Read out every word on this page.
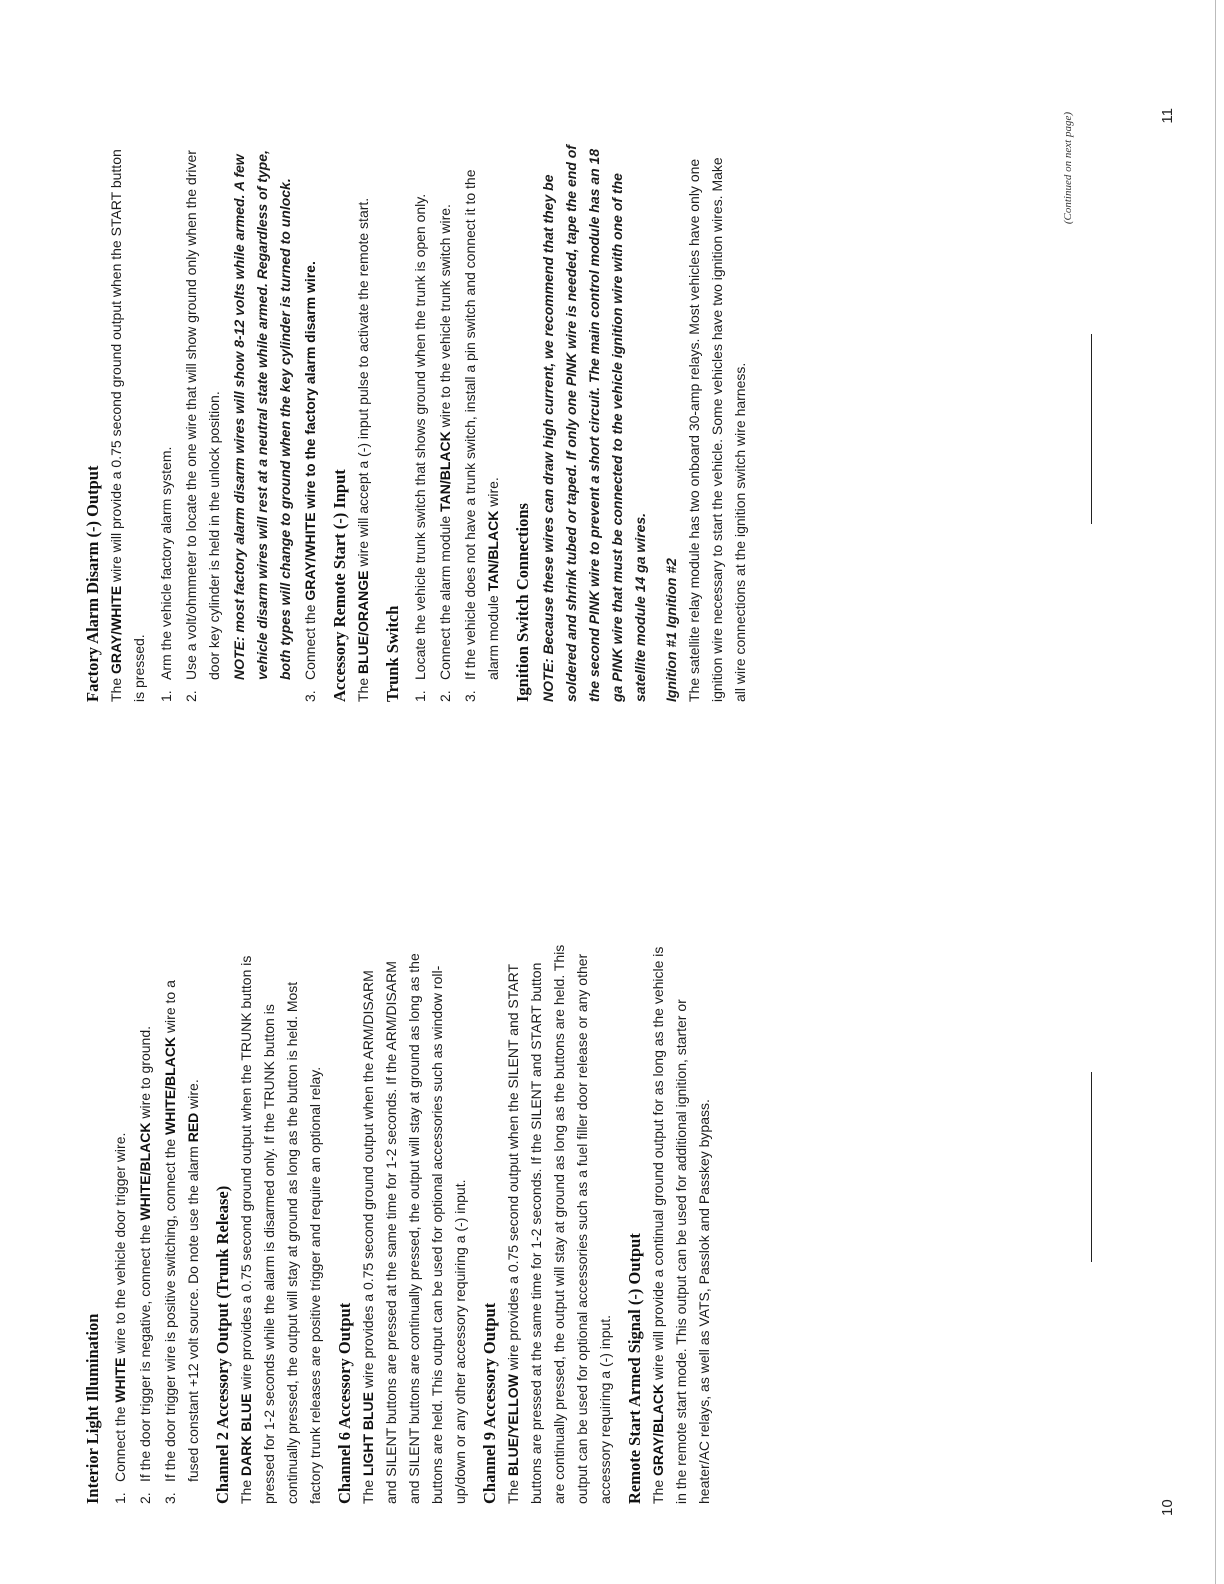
Interior Light Illumination 1.
Connect the WHITE wire to the vehicle door trigger wire.
2.
If the door trigger is negative, connect the WHITE/BLACK wire to ground.
3.
If the door trigger wire is positive switching, connect the WHITE/BLACK wire to a fused constant +12 volt source. Do note use the alarm RED wire.
Channel 2 Accessory Output (Trunk Release) The DARK BLUE wire provides a 0.75 second ground output when the TRUNK button is pressed for 1-2 seconds while the alarm is disarmed only. If the TRUNK button is continually pressed, the output will stay at ground as long as the button is held. Most factory trunk releases are positive trigger and require an optional relay. Channel 6 Accessory Output The LIGHT BLUE wire provides a 0.75 second ground output when the ARM/DISARM and SILENT buttons are pressed at the same time for 1-2 seconds. If the ARM/DISARM and SILENT buttons are continually pressed, the output will stay at ground as long as the buttons are held. This output can be used for optional accessories such as window roll-up/down or any other accessory requiring a (-) input. Channel 9 Accessory Output The BLUE/YELLOW wire provides a 0.75 second output when the SILENT and START buttons are pressed at the same time for 1-2 seconds. If the SILENT and START button are continually pressed, the output will stay at ground as long as the buttons are held. This output can be used for optional accessories such as a fuel filler door release or any other accessory requiring a (-) input. Remote Start Armed Signal (-) Output The GRAY/BLACK wire will provide a continual ground output for as long as the vehicle is in the remote start mode. This output can be used for additional ignition, starter or heater/AC relays, as well as VATS, Passlok and Passkey bypass.

10
Factory Alarm Disarm (-) Output The GRAY/WHITE wire will provide a 0.75 second ground output when the START button is pressed. 1.
Arm the vehicle factory alarm system.
2.
Use a volt/ohmmeter to locate the one wire that will show ground only when the driver door key cylinder is held in the unlock position. NOTE: most factory alarm disarm wires will show 8-12 volts while armed. A few vehicle disarm wires will rest at a neutral state while armed. Regardless of type, both types will change to ground when the key cylinder is turned to unlock.
3.
Connect the GRAY/WHITE wire to the factory alarm disarm wire. Accessory Remote Start (-) Input The BLUE/ORANGE wire will accept a (-) input pulse to activate the remote start.

Trunk Switch 1.
Locate the vehicle trunk switch that shows ground when the trunk is open only.
2.
Connect the alarm module TAN/BLACK wire to the vehicle trunk switch wire.
3.
If the vehicle does not have a trunk switch, install a pin switch and connect it to the alarm module TAN/BLACK wire.
Ignition Switch Connections NOTE: Because these wires can draw high current, we recommend that they be soldered and shrink tubed or taped. If only one PINK wire is needed, tape the end of the second PINK wire to prevent a short circuit. The main control module has an 18 ga PINK wire that must be connected to the vehicle ignition wire with one of the satellite module 14 ga wires. Ignition #1 Ignition #2 The satellite relay module has two onboard 30-amp relays. Most vehicles have only one ignition wire necessary to start the vehicle. Some vehicles have two ignition wires. Make all wire connections at the ignition switch wire harness.

(Continued on next page)	11
